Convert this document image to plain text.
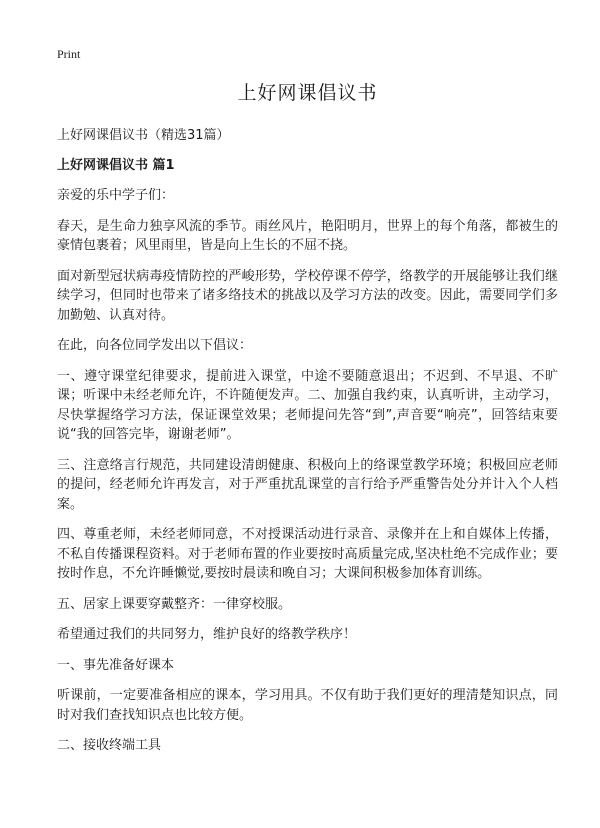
Print
上好网课倡议书
上好网课倡议书（精选31篇）
上好网课倡议书 篇1

亲爱的乐中学子们：

春天，是生命力独享风流的季节。雨丝风片，艳阳明月，世界上的每个角落，都被生的豪情包裹着；风里雨里，皆是向上生长的不屈不挠。

面对新型冠状病毒疫情防控的严峻形势，学校停课不停学，络教学的开展能够让我们继续学习，但同时也带来了诸多络技术的挑战以及学习方法的改变。因此，需要同学们多加勤勉、认真对待。

在此，向各位同学发出以下倡议：

一、遵守课堂纪律要求，提前进入课堂，中途不要随意退出；不迟到、不早退、不旷课；听课中未经老师允许，不许随便发声。二、加强自我约束，认真听讲，主动学习，尽快掌握络学习方法，保证课堂效果；老师提问先答“到”,声音要“响亮”，回答结束要说“我的回答完毕，谢谢老师”。

三、注意络言行规范，共同建设清朗健康、积极向上的络课堂教学环境；积极回应老师的提问，经老师允许再发言，对于严重扰乱课堂的言行给予严重警告处分并计入个人档案。

四、尊重老师，未经老师同意，不对授课活动进行录音、录像并在上和自媒体上传播，不私自传播课程资料。对于老师布置的作业要按时高质量完成,坚决杜绝不完成作业；要按时作息，不允许睡懒觉,要按时晨读和晚自习；大课间积极参加体育训练。

五、居家上课要穿戴整齐：一律穿校服。

希望通过我们的共同努力，维护良好的络教学秩序！

一、事先准备好课本

听课前，一定要准备相应的课本，学习用具。不仅有助于我们更好的理清楚知识点，同时对我们查找知识点也比较方便。

二、接收终端工具
